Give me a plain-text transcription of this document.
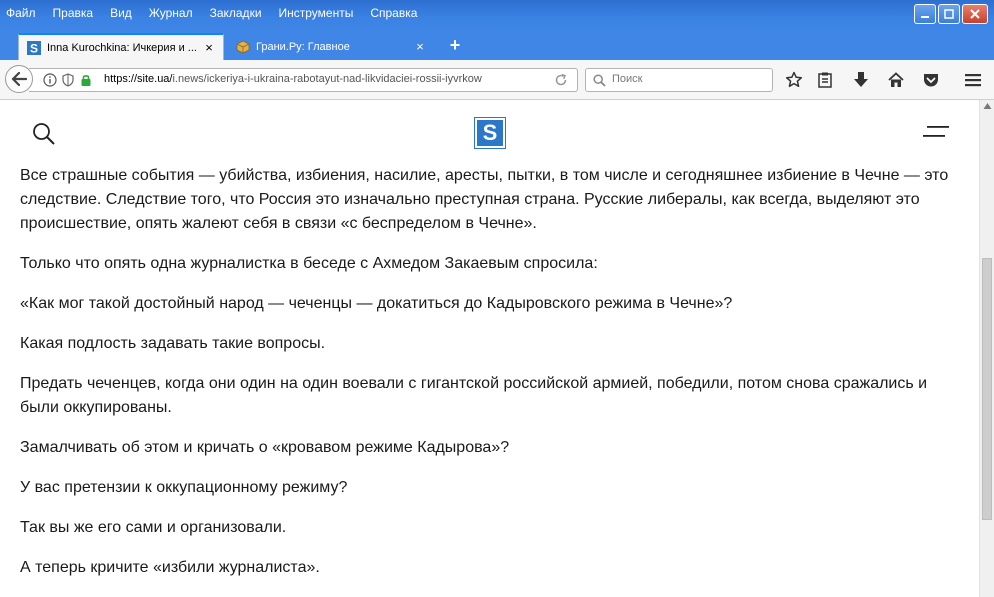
Файл Правка Вид Журнал Закладки Инструменты Справка
S Inna Kurochkina: Ичкерия и ... ×	Грани.Ру: Главное	×	+
https://site.ua/i.news/ickeriya-i-ukraina-rabotayut-nad-likvidaciei-rossii-iyvrkow	Поиск
S

Все страшные события — убийства, избиения, насилие, аресты, пытки, в том числе и сегодняшнее избиение в Чечне — это следствие. Следствие того, что Россия это изначально преступная страна. Русские либералы, как всегда, выделяют это происшествие, опять жалеют себя в связи «с беспределом в Чечне».

Только что опять одна журналистка в беседе с Ахмедом Закаевым спросила:

«Как мог такой достойный народ — чеченцы — докатиться до Кадыровского режима в Чечне»?

Какая подлость задавать такие вопросы.

Предать чеченцев, когда они один на один воевали с гигантской российской армией, победили, потом снова сражались и были оккупированы.

Замалчивать об этом и кричать о «кровавом режиме Кадырова»?

У вас претензии к оккупационному режиму?

Так вы же его сами и организовали.

А теперь кричите «избили журналиста».
